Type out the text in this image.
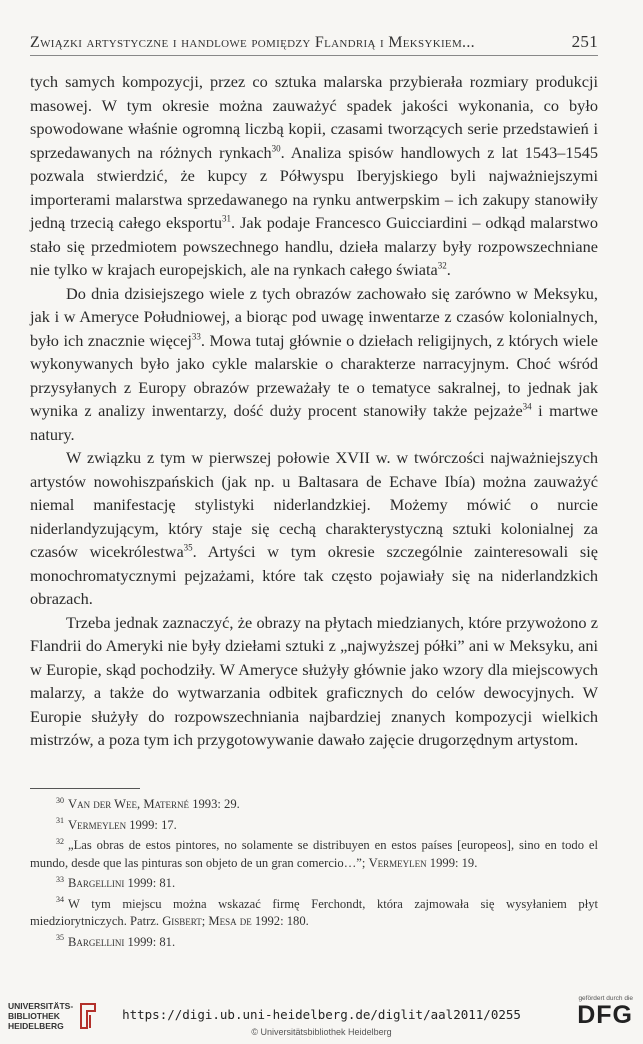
Związki artystyczne i handlowe pomiędzy Flandrią i Meksykiem...	251

tych samych kompozycji, przez co sztuka malarska przybierała rozmiary produkcji masowej. W tym okresie można zauważyć spadek jakości wykonania, co było spowodowane właśnie ogromną liczbą kopii, czasami tworzących serie przedstawień i sprzedawanych na różnych rynkach$^{30}$. Analiza spisów handlowych z lat 1543–1545 pozwala stwierdzić, że kupcy z Półwyspu Iberyjskiego byli najważniejszymi importerami malarstwa sprzedawanego na rynku antwerpskim – ich zakupy stanowiły jedną trzecią całego eksportu$^{31}$. Jak podaje Francesco Guicciardini – odkąd malarstwo stało się przedmiotem powszechnego handlu, dzieła malarzy były rozpowszechniane nie tylko w krajach europejskich, ale na rynkach całego świata$^{32}$.

Do dnia dzisiejszego wiele z tych obrazów zachowało się zarówno w Meksyku, jak i w Ameryce Południowej, a biorąc pod uwagę inwentarze z czasów kolonialnych, było ich znacznie więcej$^{33}$. Mowa tutaj głównie o dziełach religijnych, z których wiele wykonywanych było jako cykle malarskie o charakterze narracyjnym. Choć wśród przysyłanych z Europy obrazów przeważały te o tematyce sakralnej, to jednak jak wynika z analizy inwentarzy, dość duży procent stanowiły także pejzaże$^{34}$ i martwe natury.

W związku z tym w pierwszej połowie XVII w. w twórczości najważniejszych artystów nowohiszpańskich (jak np. u Baltasara de Echave Ibía) można zauważyć niemal manifestację stylistyki niderlandzkiej. Możemy mówić o nurcie niderlandyzującym, który staje się cechą charakterystyczną sztuki kolonialnej za czasów wicekrólestwa$^{35}$. Artyści w tym okresie szczególnie zainteresowali się monochromatycznymi pejzażami, które tak często pojawiały się na niderlandzkich obrazach.

Trzeba jednak zaznaczyć, że obrazy na płytach miedzianych, które przywożono z Flandrii do Ameryki nie były dziełami sztuki z „najwyższej półki” ani w Meksyku, ani w Europie, skąd pochodziły. W Ameryce służyły głównie jako wzory dla miejscowych malarzy, a także do wytwarzania odbitek graficznych do celów dewocyjnych. W Europie służyły do rozpowszechniania najbardziej znanych kompozycji wielkich mistrzów, a poza tym ich przygotowywanie dawało zajęcie drugorzędnym artystom.

$^{30}$ Van der Wee, Materné 1993: 29.

$^{31}$ Vermeylen 1999: 17.

$^{32}$ „Las obras de estos pintores, no solamente se distribuyen en estos países [europeos], sino en todo el mundo, desde que las pinturas son objeto de un gran comercio…”; Vermeylen 1999: 19.

$^{33}$ Bargellini 1999: 81.

$^{34}$ W tym miejscu można wskazać firmę Ferchondt, która zajmowała się wysyłaniem płyt miedziorytniczych. Patrz. Gisbert; Mesa de 1992: 180.

$^{35}$ Bargellini 1999: 81.

UNIVERSITÄTS-
BIBLIOTHEK
HEIDELBERG
https://digi.ub.uni-heidelberg.de/diglit/aal2011/0255
© Universitätsbibliothek Heidelberg
gefördert durch die
DFG
